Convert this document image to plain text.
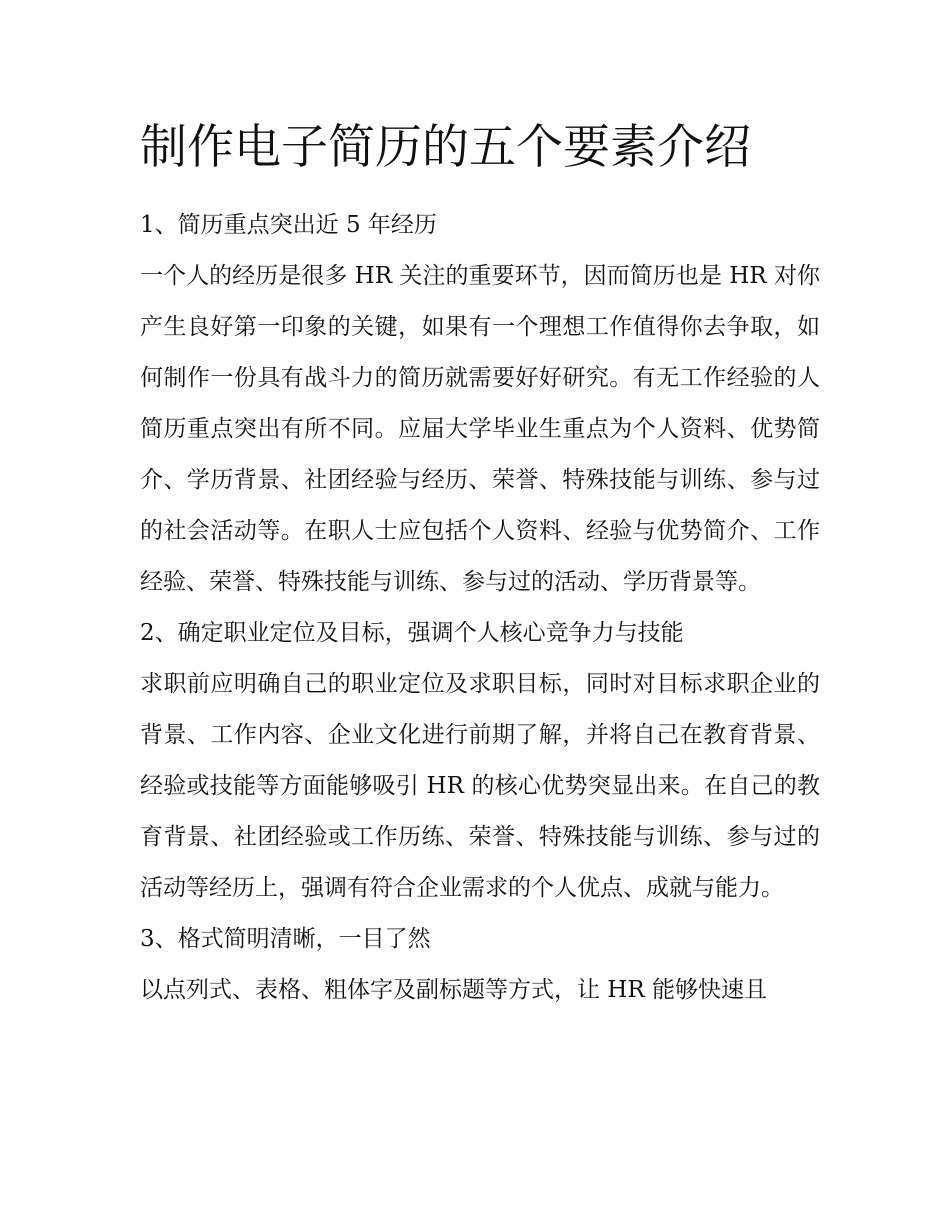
制作电子简历的五个要素介绍

1、简历重点突出近 5 年经历

一个人的经历是很多 HR 关注的重要环节，因而简历也是 HR 对你产生良好第一印象的关键，如果有一个理想工作值得你去争取，如何制作一份具有战斗力的简历就需要好好研究。有无工作经验的人简历重点突出有所不同。应届大学毕业生重点为个人资料、优势简介、学历背景、社团经验与经历、荣誉、特殊技能与训练、参与过的社会活动等。在职人士应包括个人资料、经验与优势简介、工作经验、荣誉、特殊技能与训练、参与过的活动、学历背景等。

2、确定职业定位及目标，强调个人核心竞争力与技能

求职前应明确自己的职业定位及求职目标，同时对目标求职企业的背景、工作内容、企业文化进行前期了解，并将自己在教育背景、经验或技能等方面能够吸引 HR 的核心优势突显出来。在自己的教育背景、社团经验或工作历练、荣誉、特殊技能与训练、参与过的活动等经历上，强调有符合企业需求的个人优点、成就与能力。

3、格式简明清晰，一目了然

以点列式、表格、粗体字及副标题等方式，让 HR 能够快速且
